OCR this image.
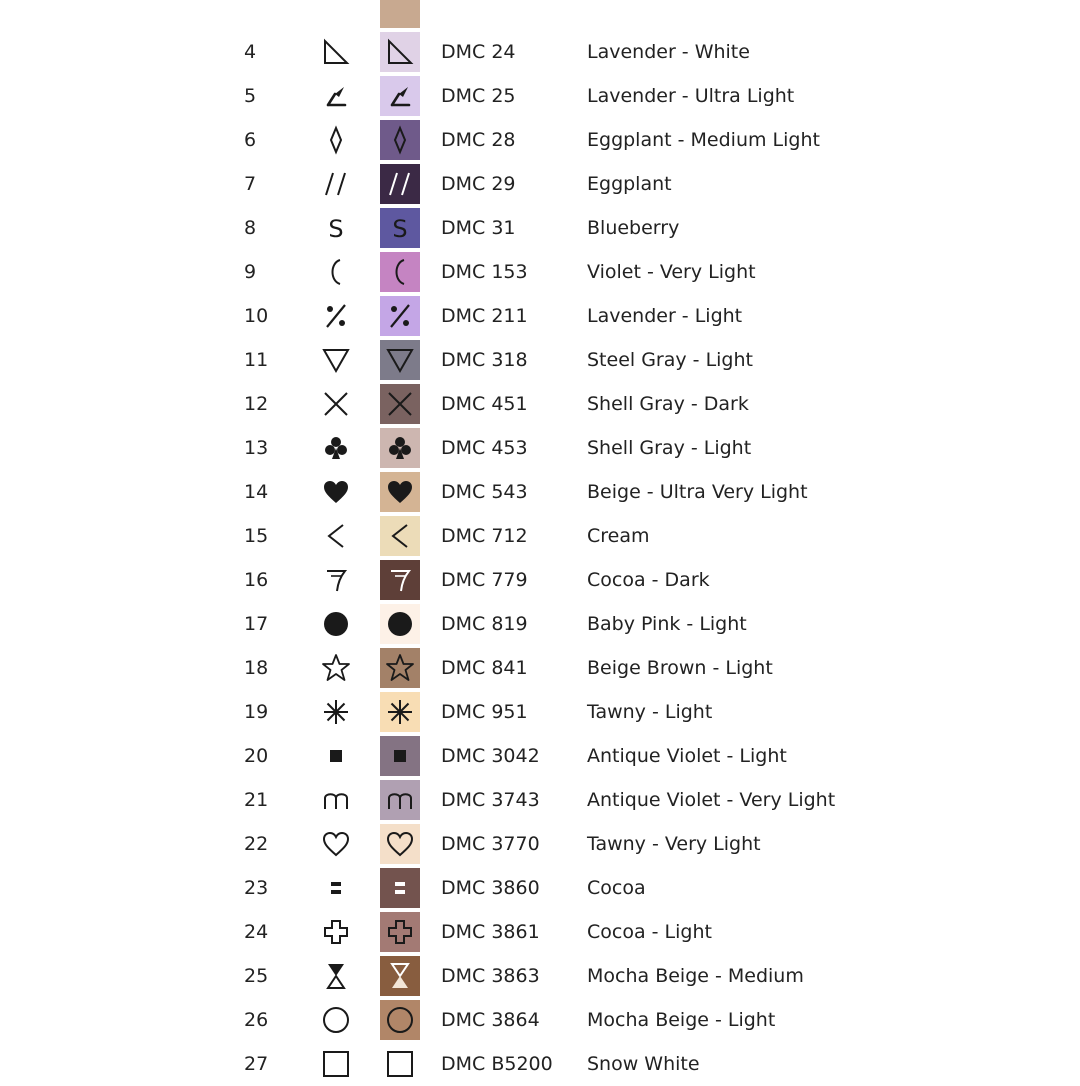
4	DMC 24	Lavender - White
5	DMC 25	Lavender - Ultra Light
6	DMC 28	Eggplant - Medium Light
7	DMC 29	Eggplant
8	S S DMC 31	Blueberry
9	DMC 153	Violet - Very Light
10	DMC 211	Lavender - Light
11	DMC 318	Steel Gray - Light
12	DMC 451	Shell Gray - Dark
13	DMC 453	Shell Gray - Light
14	DMC 543	Beige - Ultra Very Light
15	DMC 712	Cream
16	DMC 779	Cocoa - Dark
17	DMC 819	Baby Pink - Light
18	DMC 841	Beige Brown - Light
19	DMC 951	Tawny - Light
20	DMC 3042 Antique Violet - Light
21	DMC 3743 Antique Violet - Very Light
22	DMC 3770 Tawny - Very Light
23	DMC 3860 Cocoa
24	DMC 3861 Cocoa - Light
25	DMC 3863 Mocha Beige - Medium
26	DMC 3864 Mocha Beige - Light
27	DMC B5200 Snow White
